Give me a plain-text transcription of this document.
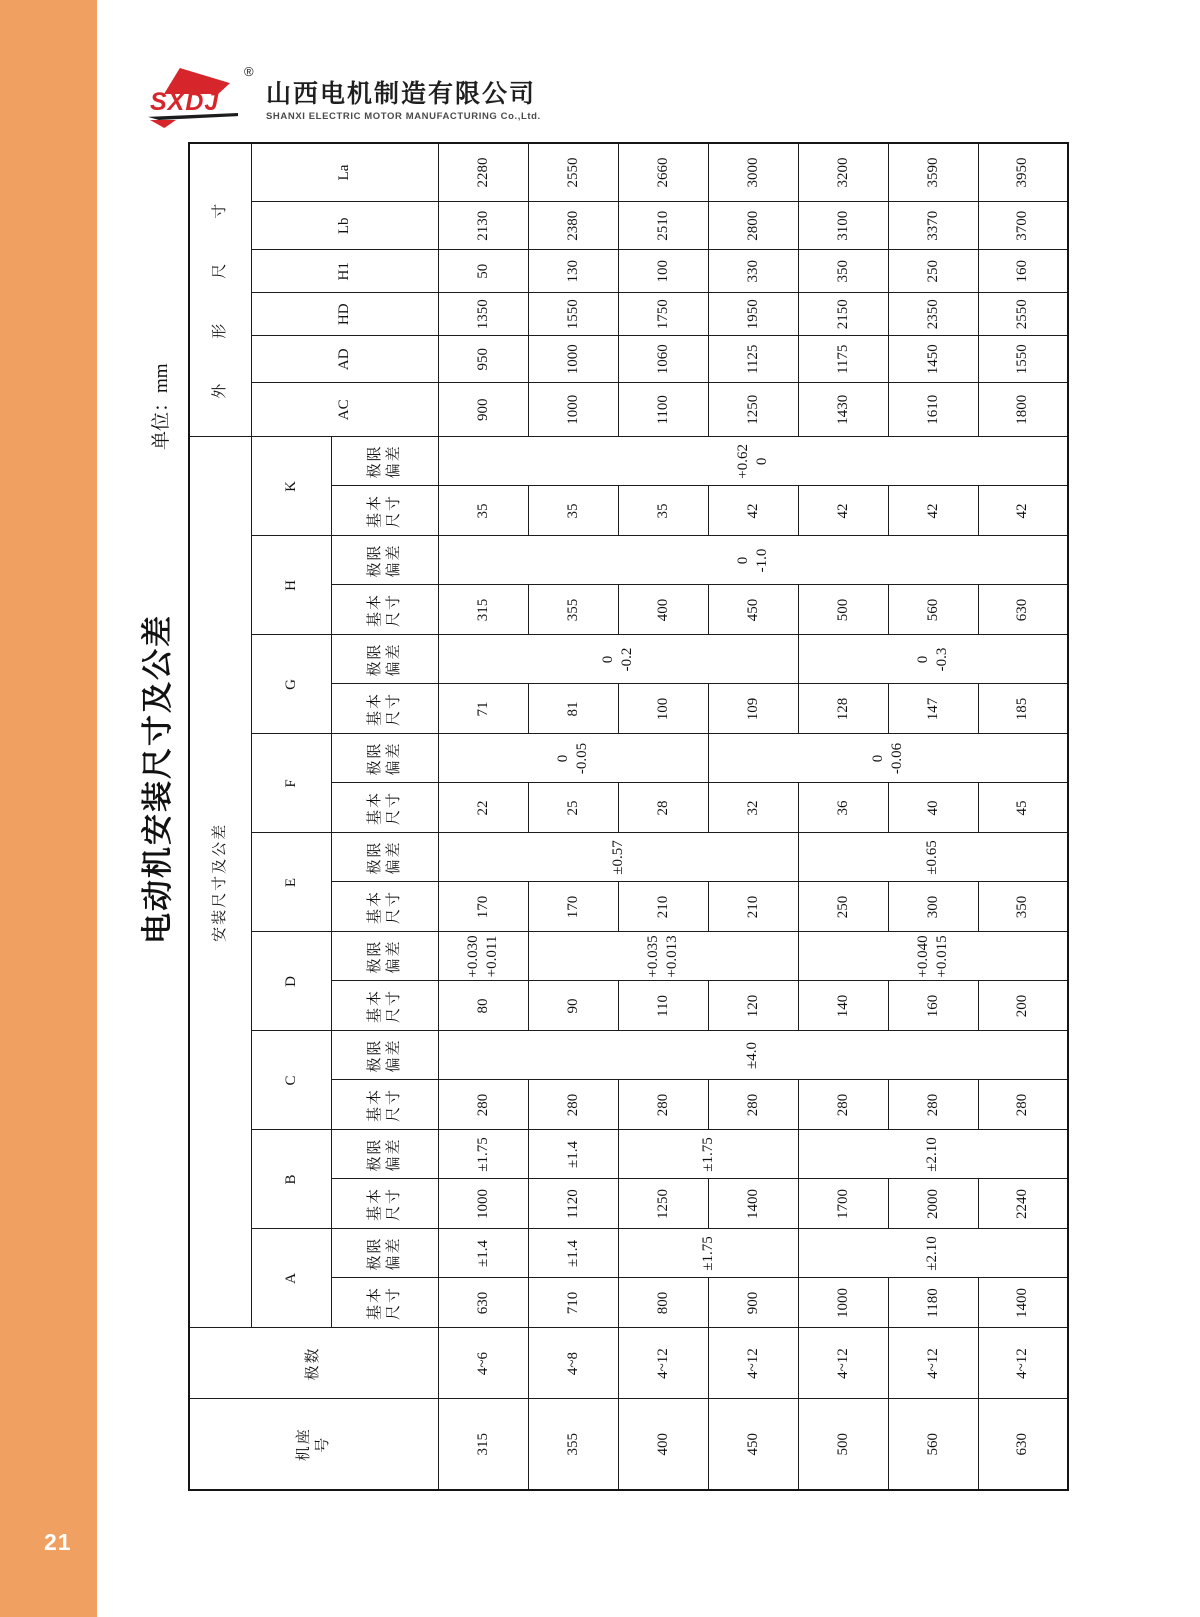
21
SXDJ
®
山西电机制造有限公司
SHANXI ELECTRIC MOTOR MANUFACTURING Co.,Ltd.
电动机安装尺寸及公差
单位：mm
机座 号	极数	安装尺寸及公差																		外形尺寸					
		A		B		C		D		E		F		G		H		K		AC	AD	HD	H1	Lb	La

		基本 尺寸	极限 偏差	基本 尺寸	极限 偏差	基本 尺寸	极限 偏差	基本 尺寸	极限 偏差	基本 尺寸	极限 偏差	基本 尺寸	极限 偏差	基本 尺寸	极限 偏差	基本 尺寸	极限 偏差	基本 尺寸	极限 偏差						

315	4~6	630	±1.4	1000	±1.75	280	±4.0	80	+0.030 +0.011	170	±0.57	22	0 -0.05	71	0 -0.2	315	0 -1.0	35	+0.62 0	900	950	1350	50	2130	2280
355	4~8	710	±1.4	1120	±1.4	280		90	+0.035 +0.013	170		25		81		355		35		1000	1000	1550	130	2380	2550
400	4~12	800	±1.75	1250	±1.75	280		110		210		28		100		400		35		1100	1060	1750	100	2510	2660
450	4~12	900		1400		280		120		210		32	0 -0.06	109		450		42		1250	1125	1950	330	2800	3000
500	4~12	1000	±2.10	1700	±2.10	280		140	+0.040 +0.015	250	±0.65	36		128	0 -0.3	500		42		1430	1175	2150	350	3100	3200
560	4~12	1180		2000		280		160		300		40		147		560		42		1610	1450	2350	250	3370	3590
630	4~12	1400		2240		280		200		350		45		185		630		42		1800	1550	2550	160	3700	3950
